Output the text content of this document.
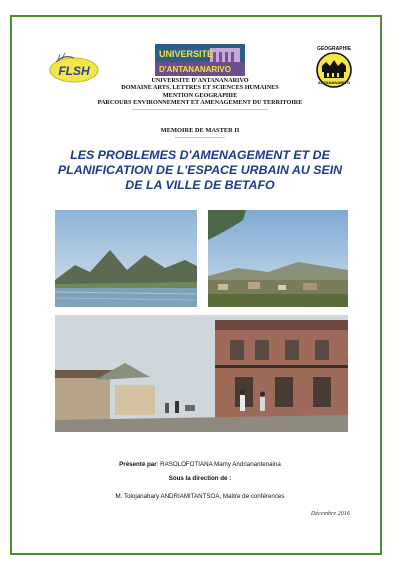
FLSH
UNIVERSITÉ
D'ANTANANARIVO
GEOGRAPHIE
ANTANANARIVO
UNIVERSITE D'ANTANANARIVO
DOMAINE ARTS, LETTRES ET SCIENCES HUMAINES
MENTION GEOGRAPHIE
PARCOURS ENVIRONNEMENT ET AMENAGEMENT DU TERRITOIRE
-------------------------------------------------------------------------
MEMOIRE DE MASTER II
---------------------------
LES PROBLEMES D'AMENAGEMENT ET DE
PLANIFICATION DE L'ESPACE URBAIN AU SEIN
DE LA VILLE DE BETAFO
Présenté par: RASOLOFOTIANA Mamy Andrianantenaina
Sous la direction de :
M. Tolojanahary ANDRIAMITANTSOA, Maître de conférences
Décembre 2016
